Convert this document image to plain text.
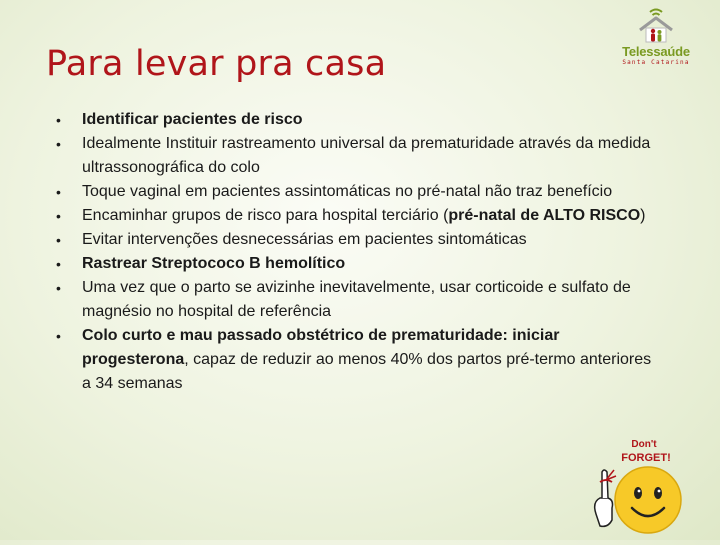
Para levar pra casa	Telessaúde
Santa Catarina
• Identificar pacientes de risco
• Idealmente Instituir rastreamento universal da prematuridade através da medida ultrassonográfica do colo
• Toque vaginal em pacientes assintomáticas no pré-natal não traz benefício
• Encaminhar grupos de risco para hospital terciário (pré-natal de ALTO RISCO)
• Evitar intervenções desnecessárias em pacientes sintomáticas
• Rastrear Streptococo B hemolítico
• Uma vez que o parto se avizinhe inevitavelmente, usar corticoide e sulfato de magnésio no hospital de referência
• Colo curto e mau passado obstétrico de prematuridade: iniciar progesterona, capaz de reduzir ao menos 40% dos partos pré-termo anteriores a 34 semanas
Don't
FORGET!
